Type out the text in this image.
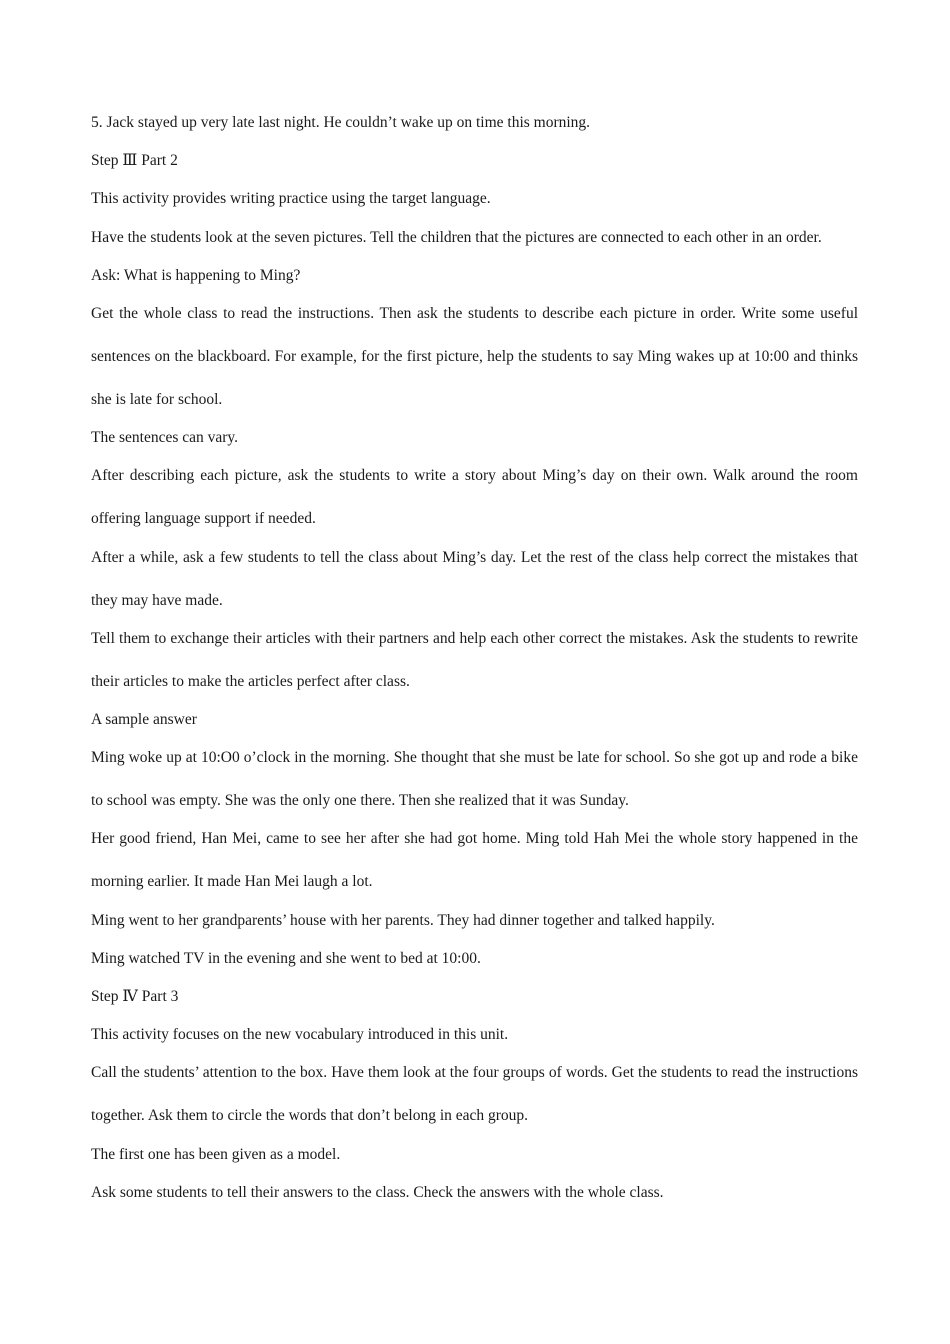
5. Jack stayed up very late last night. He couldn’t wake up on time this morning.

Step Ⅲ Part 2

This activity provides writing practice using the target language.

Have the students look at the seven pictures. Tell the children that the pictures are connected to each other in an order.

Ask: What is happening to Ming?

Get the whole class to read the instructions. Then ask the students to describe each picture in order. Write some useful sentences on the blackboard. For example, for the first picture, help the students to say Ming wakes up at 10:00 and thinks she is late for school.

The sentences can vary.

After describing each picture, ask the students to write a story about Ming’s day on their own. Walk around the room offering language support if needed.

After a while, ask a few students to tell the class about Ming’s day. Let the rest of the class help correct the mistakes that they may have made.

Tell them to exchange their articles with their partners and help each other correct the mistakes. Ask the students to rewrite their articles to make the articles perfect after class.

A sample answer

Ming woke up at 10:O0 o’clock in the morning. She thought that she must be late for school. So she got up and rode a bike to school was empty. She was the only one there. Then she realized that it was Sunday.

Her good friend, Han Mei, came to see her after she had got home. Ming told Hah Mei the whole story happened in the morning earlier. It made Han Mei laugh a lot.

Ming went to her grandparents’ house with her parents. They had dinner together and talked happily.

Ming watched TV in the evening and she went to bed at 10:00.

Step Ⅳ Part 3

This activity focuses on the new vocabulary introduced in this unit.

Call the students’ attention to the box. Have them look at the four groups of words. Get the students to read the instructions together. Ask them to circle the words that don’t belong in each group.

The first one has been given as a model.

Ask some students to tell their answers to the class. Check the answers with the whole class.
